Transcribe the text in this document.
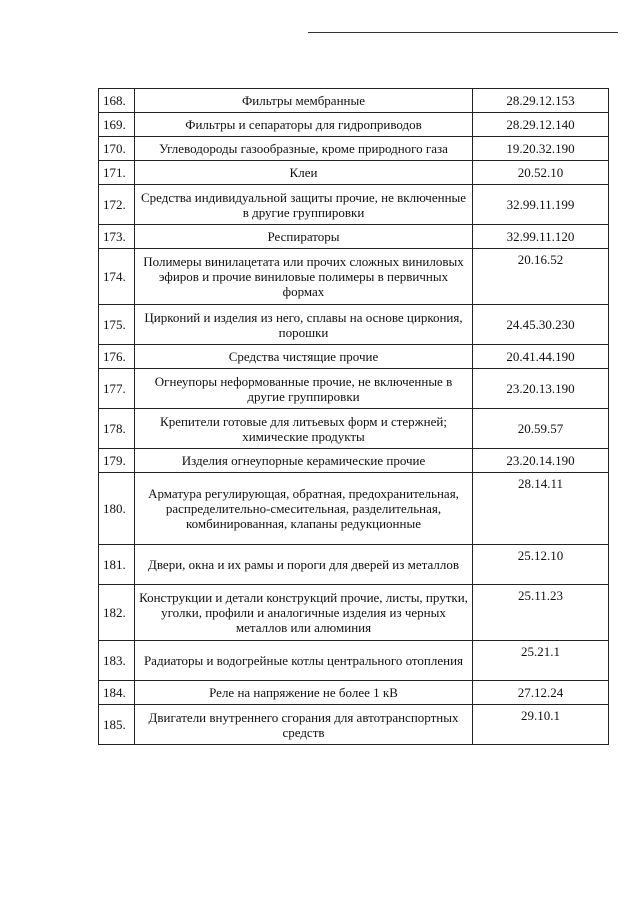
168.	Фильтры мембранные	28.29.12.153
169.	Фильтры и сепараторы для гидроприводов	28.29.12.140
170.	Углеводороды газообразные, кроме природного газа	19.20.32.190
171.	Клеи	20.52.10
172.	Средства индивидуальной защиты прочие, не включенные в другие группировки	32.99.11.199
173.	Респираторы	32.99.11.120
174.	Полимеры винилацетата или прочих сложных виниловых эфиров и прочие виниловые полимеры в первичных формах	20.16.52
175.	Цирконий и изделия из него, сплавы на основе циркония, порошки	24.45.30.230
176.	Средства чистящие прочие	20.41.44.190
177.	Огнеупоры неформованные прочие, не включенные в другие группировки	23.20.13.190
178.	Крепители готовые для литьевых форм и стержней; химические продукты	20.59.57
179.	Изделия огнеупорные керамические прочие	23.20.14.190
180.	Арматура регулирующая, обратная, предохранительная, распределительно-смесительная, разделительная, комбинированная, клапаны редукционные	28.14.11
181.	Двери, окна и их рамы и пороги для дверей из металлов	25.12.10
182.	Конструкции и детали конструкций прочие, листы, прутки, уголки, профили и аналогичные изделия из черных металлов или алюминия	25.11.23
183.	Радиаторы и водогрейные котлы центрального отопления	25.21.1
184.	Реле на напряжение не более 1 кВ	27.12.24
185.	Двигатели внутреннего сгорания для автотранспортных средств	29.10.1
